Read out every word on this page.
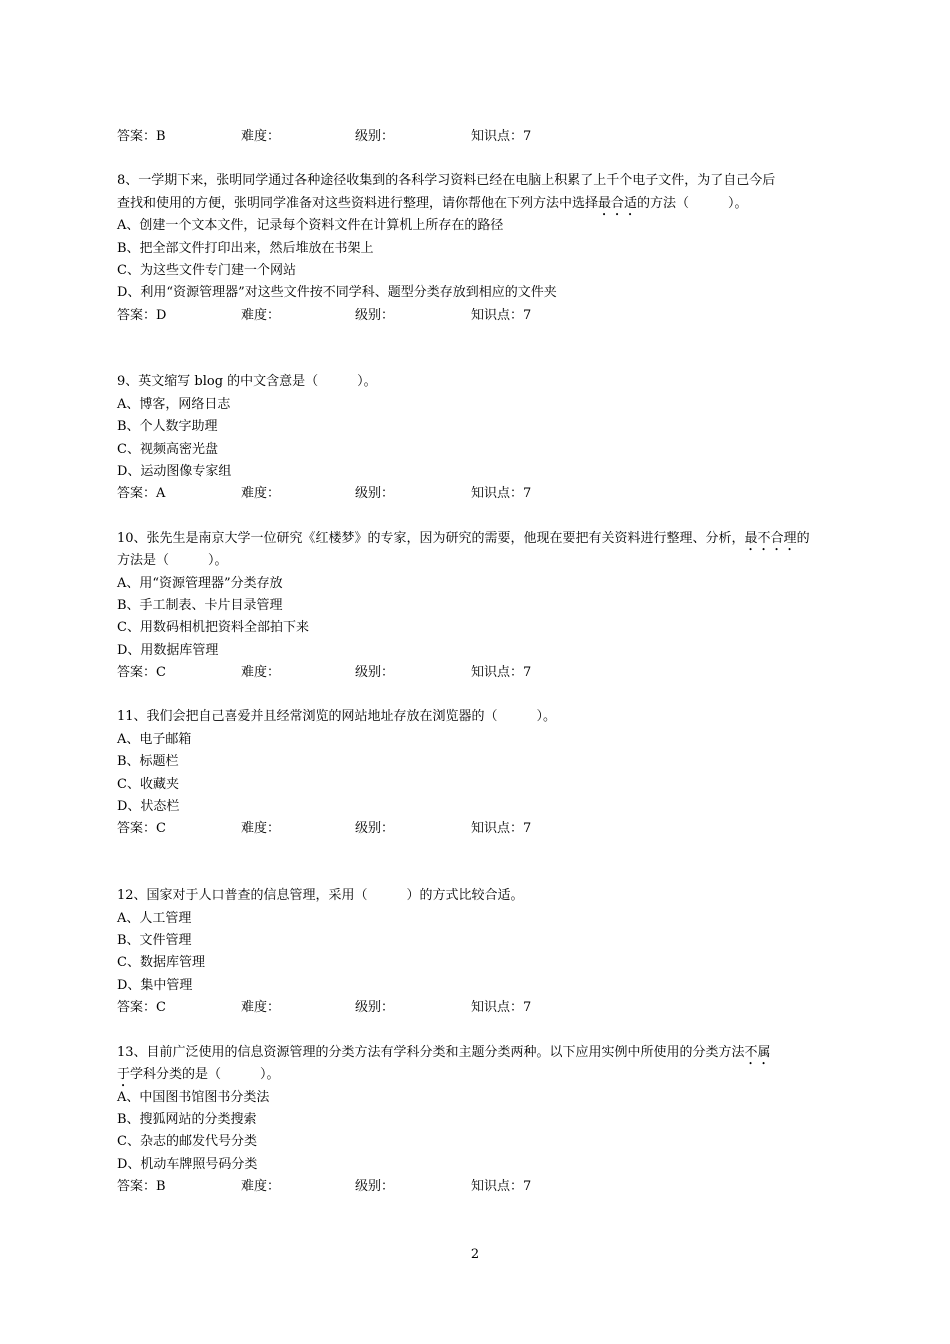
答案：B	难度：	级别：	知识点：7
8、一学期下来，张明同学通过各种途径收集到的各科学习资料已经在电脑上积累了上千个电子文件，为了自己今后
查找和使用的方便，张明同学准备对这些资料进行整理，请你帮他在下列方法中选择最合适的方法（　　　）。
A、创建一个文本文件，记录每个资料文件在计算机上所存在的路径
B、把全部文件打印出来，然后堆放在书架上
C、为这些文件专门建一个网站
D、利用“资源管理器”对这些文件按不同学科、题型分类存放到相应的文件夹
答案：D	难度：	级别：	知识点：7
9、英文缩写 blog 的中文含意是（　　　）。
A、博客，网络日志
B、个人数字助理
C、视频高密光盘
D、运动图像专家组
答案：A	难度：	级别：	知识点：7
10、张先生是南京大学一位研究《红楼梦》的专家，因为研究的需要，他现在要把有关资料进行整理、分析，最不合理的
方法是（　　　）。
A、用“资源管理器”分类存放
B、手工制表、卡片目录管理
C、用数码相机把资料全部拍下来
D、用数据库管理
答案：C	难度：	级别：	知识点：7
11、我们会把自己喜爱并且经常浏览的网站地址存放在浏览器的（　　　）。
A、电子邮箱
B、标题栏
C、收藏夹
D、状态栏
答案：C	难度：	级别：	知识点：7
12、国家对于人口普查的信息管理，采用（　　　）的方式比较合适。
A、人工管理
B、文件管理
C、数据库管理
D、集中管理
答案：C	难度：	级别：	知识点：7
13、目前广泛使用的信息资源管理的分类方法有学科分类和主题分类两种。以下应用实例中所使用的分类方法不属
于学科分类的是（　　　）。
A、中国图书馆图书分类法
B、搜狐网站的分类搜索
C、杂志的邮发代号分类
D、机动车牌照号码分类
答案：B	难度：	级别：	知识点：7
2
